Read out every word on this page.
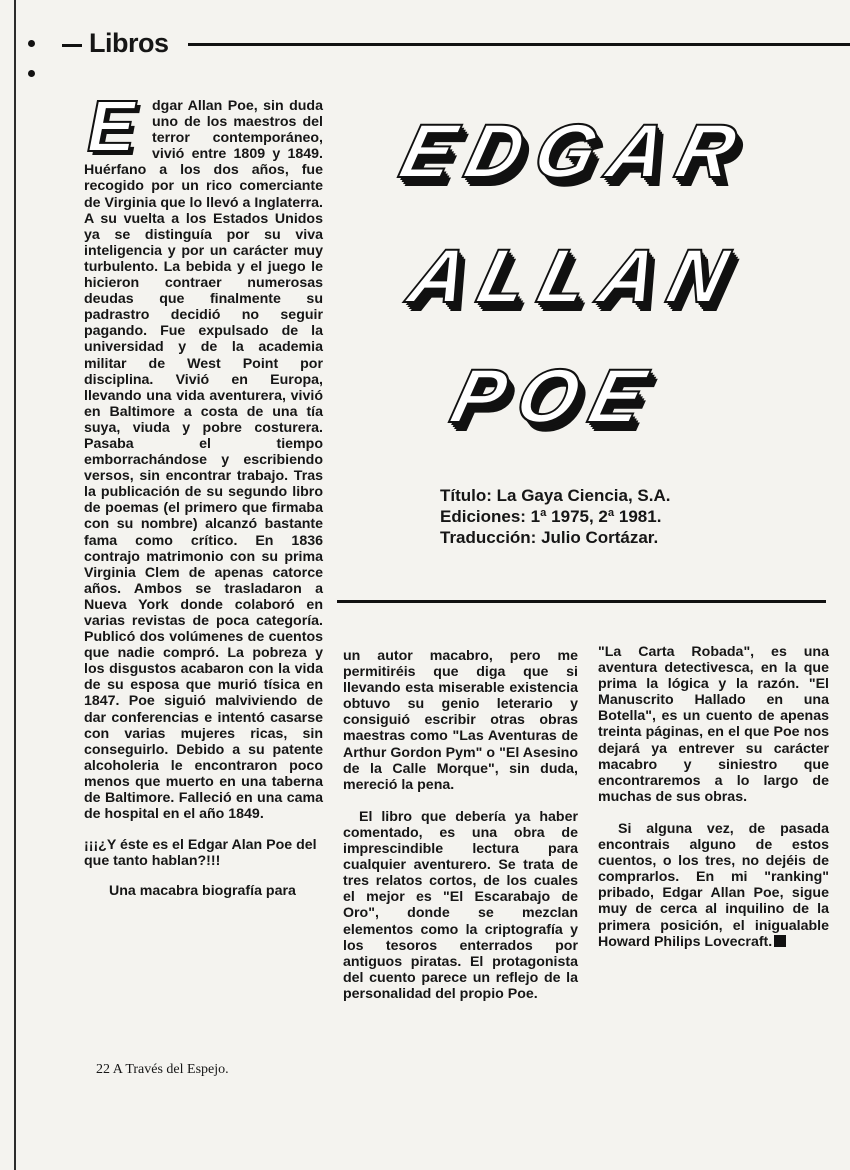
Libros
EDGAR
ALLAN
POE
Título: La Gaya Ciencia, S.A.
Ediciones: 1ª 1975, 2ª 1981.
Traducción: Julio Cortázar.
E	dgar Allan Poe, sin duda uno de los maestros del terror contemporáneo, vivió entre 1809 y 1849. Huérfano a los dos años, fue recogido por un rico comerciante de Virginia que lo llevó a Inglaterra. A su vuelta a los Estados Unidos ya se distinguía por su viva inteligencia y por un carácter muy turbulento. La bebida y el juego le hicieron contraer numerosas deudas que finalmente su padrastro decidió no seguir pagando. Fue expulsado de la universidad y de la academia militar de West Point por disciplina. Vivió en Europa, llevando una vida aventurera, vivió en Baltimore a costa de una tía suya, viuda y pobre costurera. Pasaba el tiempo emborrachándose y escribiendo versos, sin encontrar trabajo. Tras la publicación de su segundo libro de poemas (el primero que firmaba con su nombre) alcanzó bastante fama como crítico. En 1836 contrajo matrimonio con su prima Virginia Clem de apenas catorce años. Ambos se trasladaron a Nueva York donde colaboró en varias revistas de poca categoría. Publicó dos volúmenes de cuentos que nadie compró. La pobreza y los disgustos acabaron con la vida de su esposa que murió tísica en 1847. Poe siguió malviviendo de dar conferencias e intentó casarse con varias mujeres ricas, sin conseguirlo. Debido a su patente alcoholeria le encontraron poco menos que muerto en una taberna de Baltimore. Falleció en una cama de hospital en el año 1849.

¡¡¡¿Y éste es el Edgar Alan Poe del que tanto hablan?!!!

Una macabra biografía para

un autor macabro, pero me permitiréis que diga que si llevando esta miserable existencia obtuvo su genio leterario y consiguió escribir otras obras maestras como "Las Aventuras de Arthur Gordon Pym" o "El Asesino de la Calle Morque", sin duda, mereció la pena.

El libro que debería ya haber comentado, es una obra de imprescindible lectura para cualquier aventurero. Se trata de tres relatos cortos, de los cuales el mejor es "El Escarabajo de Oro", donde se mezclan elementos como la criptografía y los tesoros enterrados por antiguos piratas. El protagonista del cuento parece un reflejo de la personalidad del propio Poe.

"La Carta Robada", es una aventura detectivesca, en la que prima la lógica y la razón. "El Manuscrito Hallado en una Botella", es un cuento de apenas treinta páginas, en el que Poe nos dejará ya entrever su carácter macabro y siniestro que encontraremos a lo largo de muchas de sus obras.

Si alguna vez, de pasada encontrais alguno de estos cuentos, o los tres, no dejéis de comprarlos. En mi "ranking" pribado, Edgar Allan Poe, sigue muy de cerca al inquilino de la primera posición, el inigualable Howard Philips Lovecraft.

22 A Través del Espejo.
